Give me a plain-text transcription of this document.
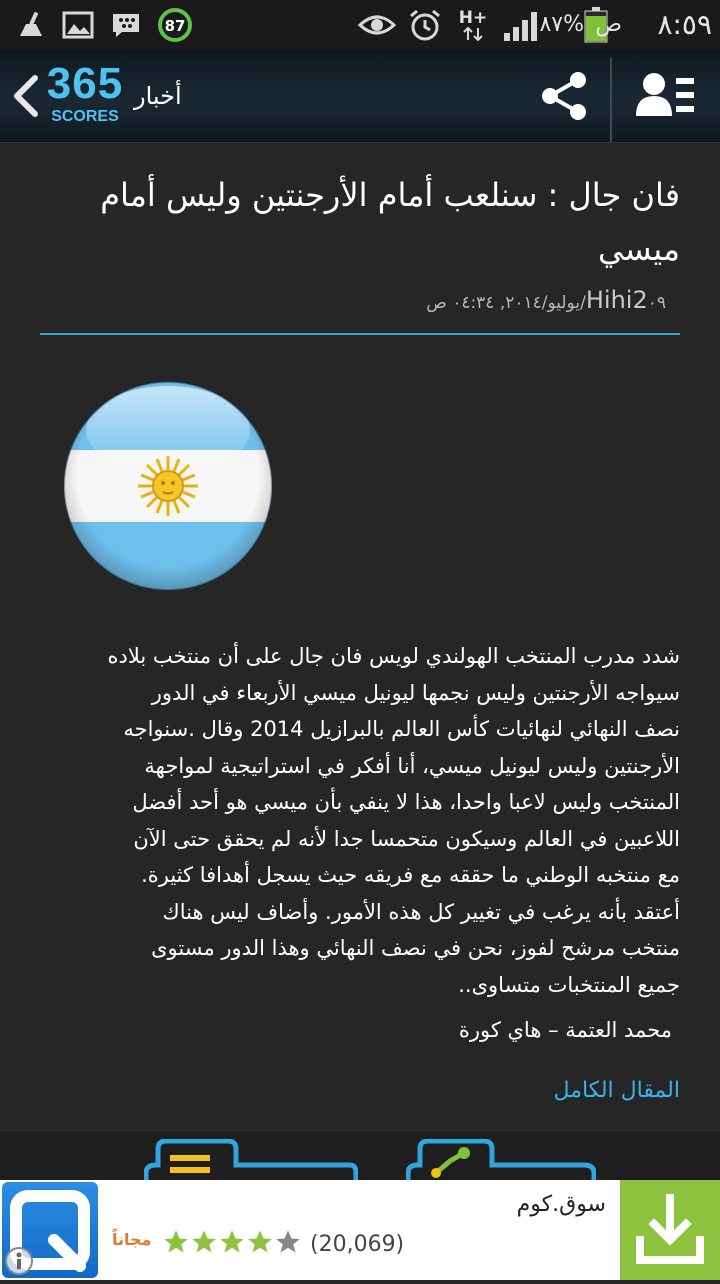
87	H+ ٨٧% ص ٨:٥٩
365
SCORES
أخبار
فان جال : سنلعب أمام الأرجنتين وليس أمام ميسي
Hihi2٠٩/يوليو/٢٠١٤, ٠٤:٣٤ ص
شدد مدرب المنتخب الهولندي لويس فان جال على أن منتخب بلاده
سيواجه الأرجنتين وليس نجمها ليونيل ميسي الأربعاء في الدور
نصف النهائي لنهائيات كأس العالم بالبرازيل 2014 وقال .سنواجه
الأرجنتين وليس ليونيل ميسي، أنا أفكر في استراتيجية لمواجهة
المنتخب وليس لاعبا واحدا، هذا لا ينفي بأن ميسي هو أحد أفضل
اللاعبين في العالم وسيكون متحمسا جدا لأنه لم يحقق حتى الآن
مع منتخبه الوطني ما حققه مع فريقه حيث يسجل أهدافا كثيرة.
أعتقد بأنه يرغب في تغيير كل هذه الأمور. وأضاف ليس هناك
منتخب مرشح لفوز، نحن في نصف النهائي وهذا الدور مستوى
جميع المنتخبات متساوى..
محمد العتمة – هاي كورة
المقال الكامل
سوق.كوم
مجاناً	(20,069)
